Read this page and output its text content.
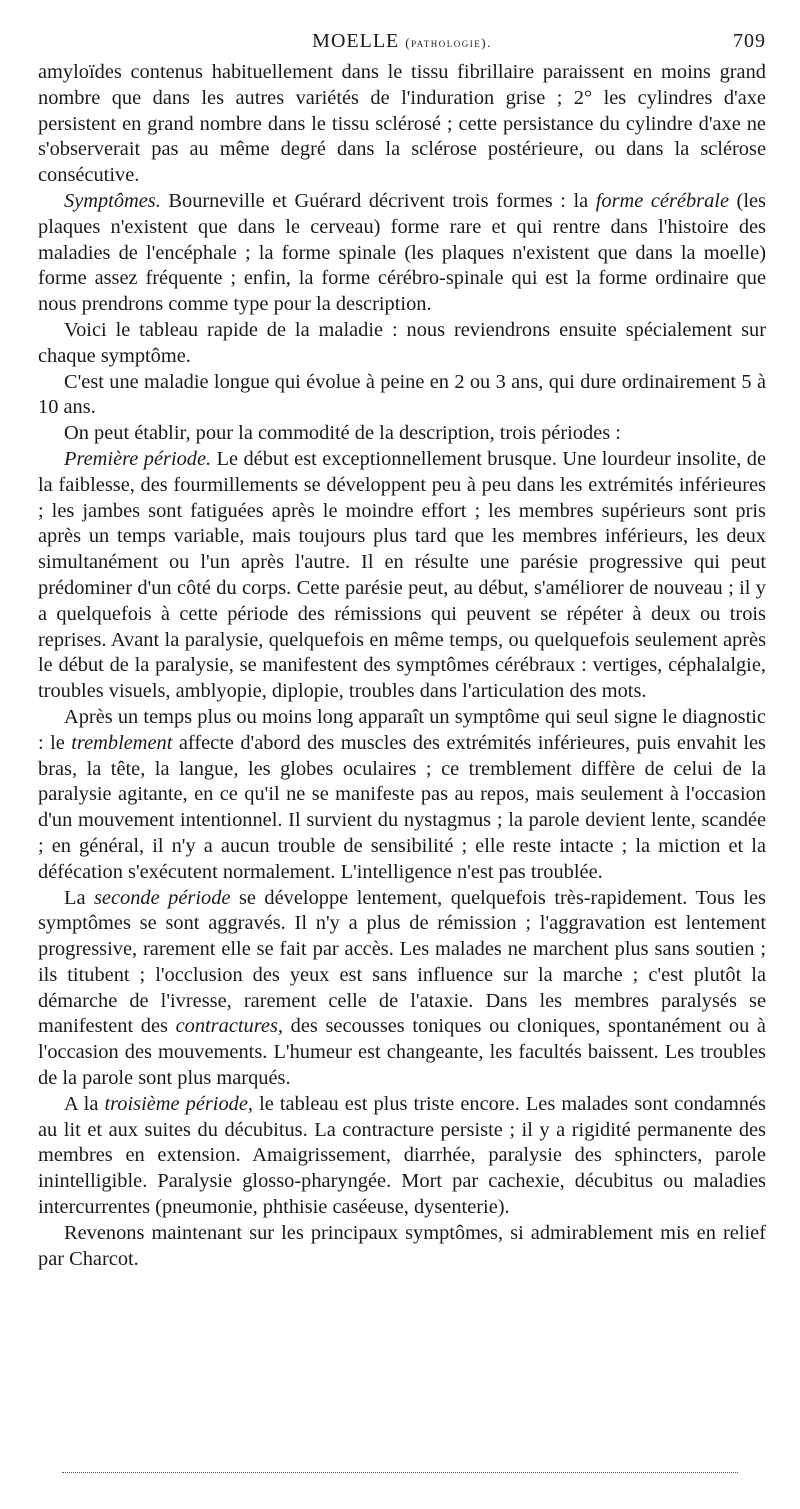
MOELLE (pathologie).	709

amyloïdes contenus habituellement dans le tissu fibrillaire paraissent en moins grand nombre que dans les autres variétés de l'induration grise ; 2° les cylindres d'axe persistent en grand nombre dans le tissu sclérosé ; cette persistance du cylindre d'axe ne s'observerait pas au même degré dans la sclérose postérieure, ou dans la sclérose consécutive.

Symptômes. Bourneville et Guérard décrivent trois formes : la forme cérébrale (les plaques n'existent que dans le cerveau) forme rare et qui rentre dans l'histoire des maladies de l'encéphale ; la forme spinale (les plaques n'existent que dans la moelle) forme assez fréquente ; enfin, la forme cérébro-spinale qui est la forme ordinaire que nous prendrons comme type pour la description.

Voici le tableau rapide de la maladie : nous reviendrons ensuite spécialement sur chaque symptôme.

C'est une maladie longue qui évolue à peine en 2 ou 3 ans, qui dure ordinairement 5 à 10 ans.

On peut établir, pour la commodité de la description, trois périodes :

Première période. Le début est exceptionnellement brusque. Une lourdeur insolite, de la faiblesse, des fourmillements se développent peu à peu dans les extrémités inférieures ; les jambes sont fatiguées après le moindre effort ; les membres supérieurs sont pris après un temps variable, mais toujours plus tard que les membres inférieurs, les deux simultanément ou l'un après l'autre. Il en résulte une parésie progressive qui peut prédominer d'un côté du corps. Cette parésie peut, au début, s'améliorer de nouveau ; il y a quelquefois à cette période des rémissions qui peuvent se répéter à deux ou trois reprises. Avant la paralysie, quelquefois en même temps, ou quelquefois seulement après le début de la paralysie, se manifestent des symptômes cérébraux : vertiges, céphalalgie, troubles visuels, amblyopie, diplopie, troubles dans l'articulation des mots.

Après un temps plus ou moins long apparaît un symptôme qui seul signe le diagnostic : le tremblement affecte d'abord des muscles des extrémités inférieures, puis envahit les bras, la tête, la langue, les globes oculaires ; ce tremblement diffère de celui de la paralysie agitante, en ce qu'il ne se manifeste pas au repos, mais seulement à l'occasion d'un mouvement intentionnel. Il survient du nystagmus ; la parole devient lente, scandée ; en général, il n'y a aucun trouble de sensibilité ; elle reste intacte ; la miction et la défécation s'exécutent normalement. L'intelligence n'est pas troublée.

La seconde période se développe lentement, quelquefois très-rapidement. Tous les symptômes se sont aggravés. Il n'y a plus de rémission ; l'aggravation est lentement progressive, rarement elle se fait par accès. Les malades ne marchent plus sans soutien ; ils titubent ; l'occlusion des yeux est sans influence sur la marche ; c'est plutôt la démarche de l'ivresse, rarement celle de l'ataxie. Dans les membres paralysés se manifestent des contractures, des secousses toniques ou cloniques, spontanément ou à l'occasion des mouvements. L'humeur est changeante, les facultés baissent. Les troubles de la parole sont plus marqués.

A la troisième période, le tableau est plus triste encore. Les malades sont condamnés au lit et aux suites du décubitus. La contracture persiste ; il y a rigidité permanente des membres en extension. Amaigrissement, diarrhée, paralysie des sphincters, parole inintelligible. Paralysie glosso-pharyngée. Mort par cachexie, décubitus ou maladies intercurrentes (pneumonie, phthisie caséeuse, dysenterie).

Revenons maintenant sur les principaux symptômes, si admirablement mis en relief par Charcot.
